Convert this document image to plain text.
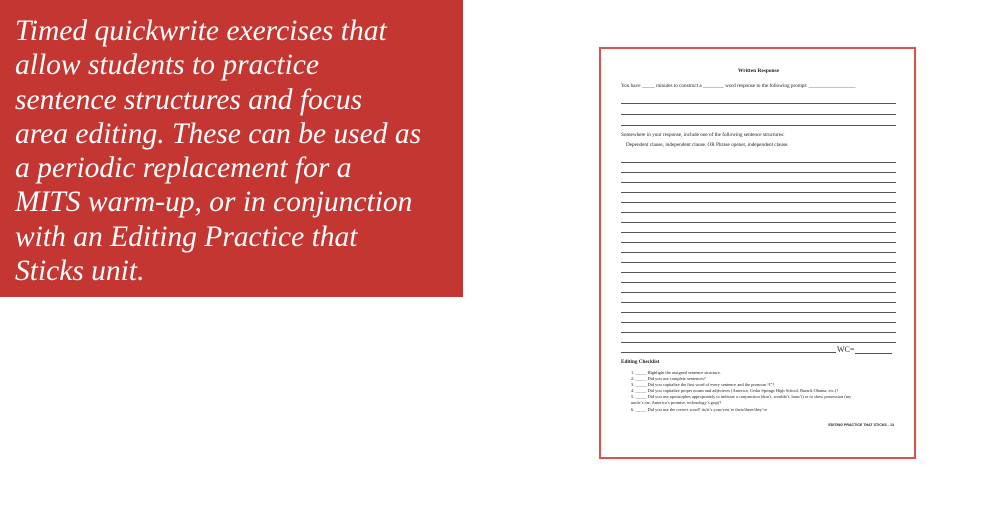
Timed quickwrite exercises that
allow students to practice
sentence structures and focus
area editing. These can be used as
a periodic replacement for a
MITS warm-up, or in conjunction
with an Editing Practice that
Sticks unit.
Written Response
You have _____ minutes to construct a ________ word response to the following prompt: __________________
Somewhere in your response, include one of the following sentence structures:
Dependent clause, independent clause. OR Phrase opener, independent clause.
WC=
Editing Checklist
1. _____ Highlight the assigned sentence structure.
2. _____ Did you use complete sentences?
3. _____ Did you capitalize the first word of every sentence and the pronoun “I”?
4. _____ Did you capitalize proper nouns and adjectives (America, Cedar Springs High School, Barack Obama, etc.)?
5. _____ Did you use apostrophes appropriately to indicate a conjunction (don’t, wouldn’t, hasn’t) or to show possession (my
uncle’s car, America’s promise, technology’s grip)?
6. _____ Did you use the correct word? its/it’s your/you’re their/there/they’re
EDITING PRACTICE THAT STICKS - 13
